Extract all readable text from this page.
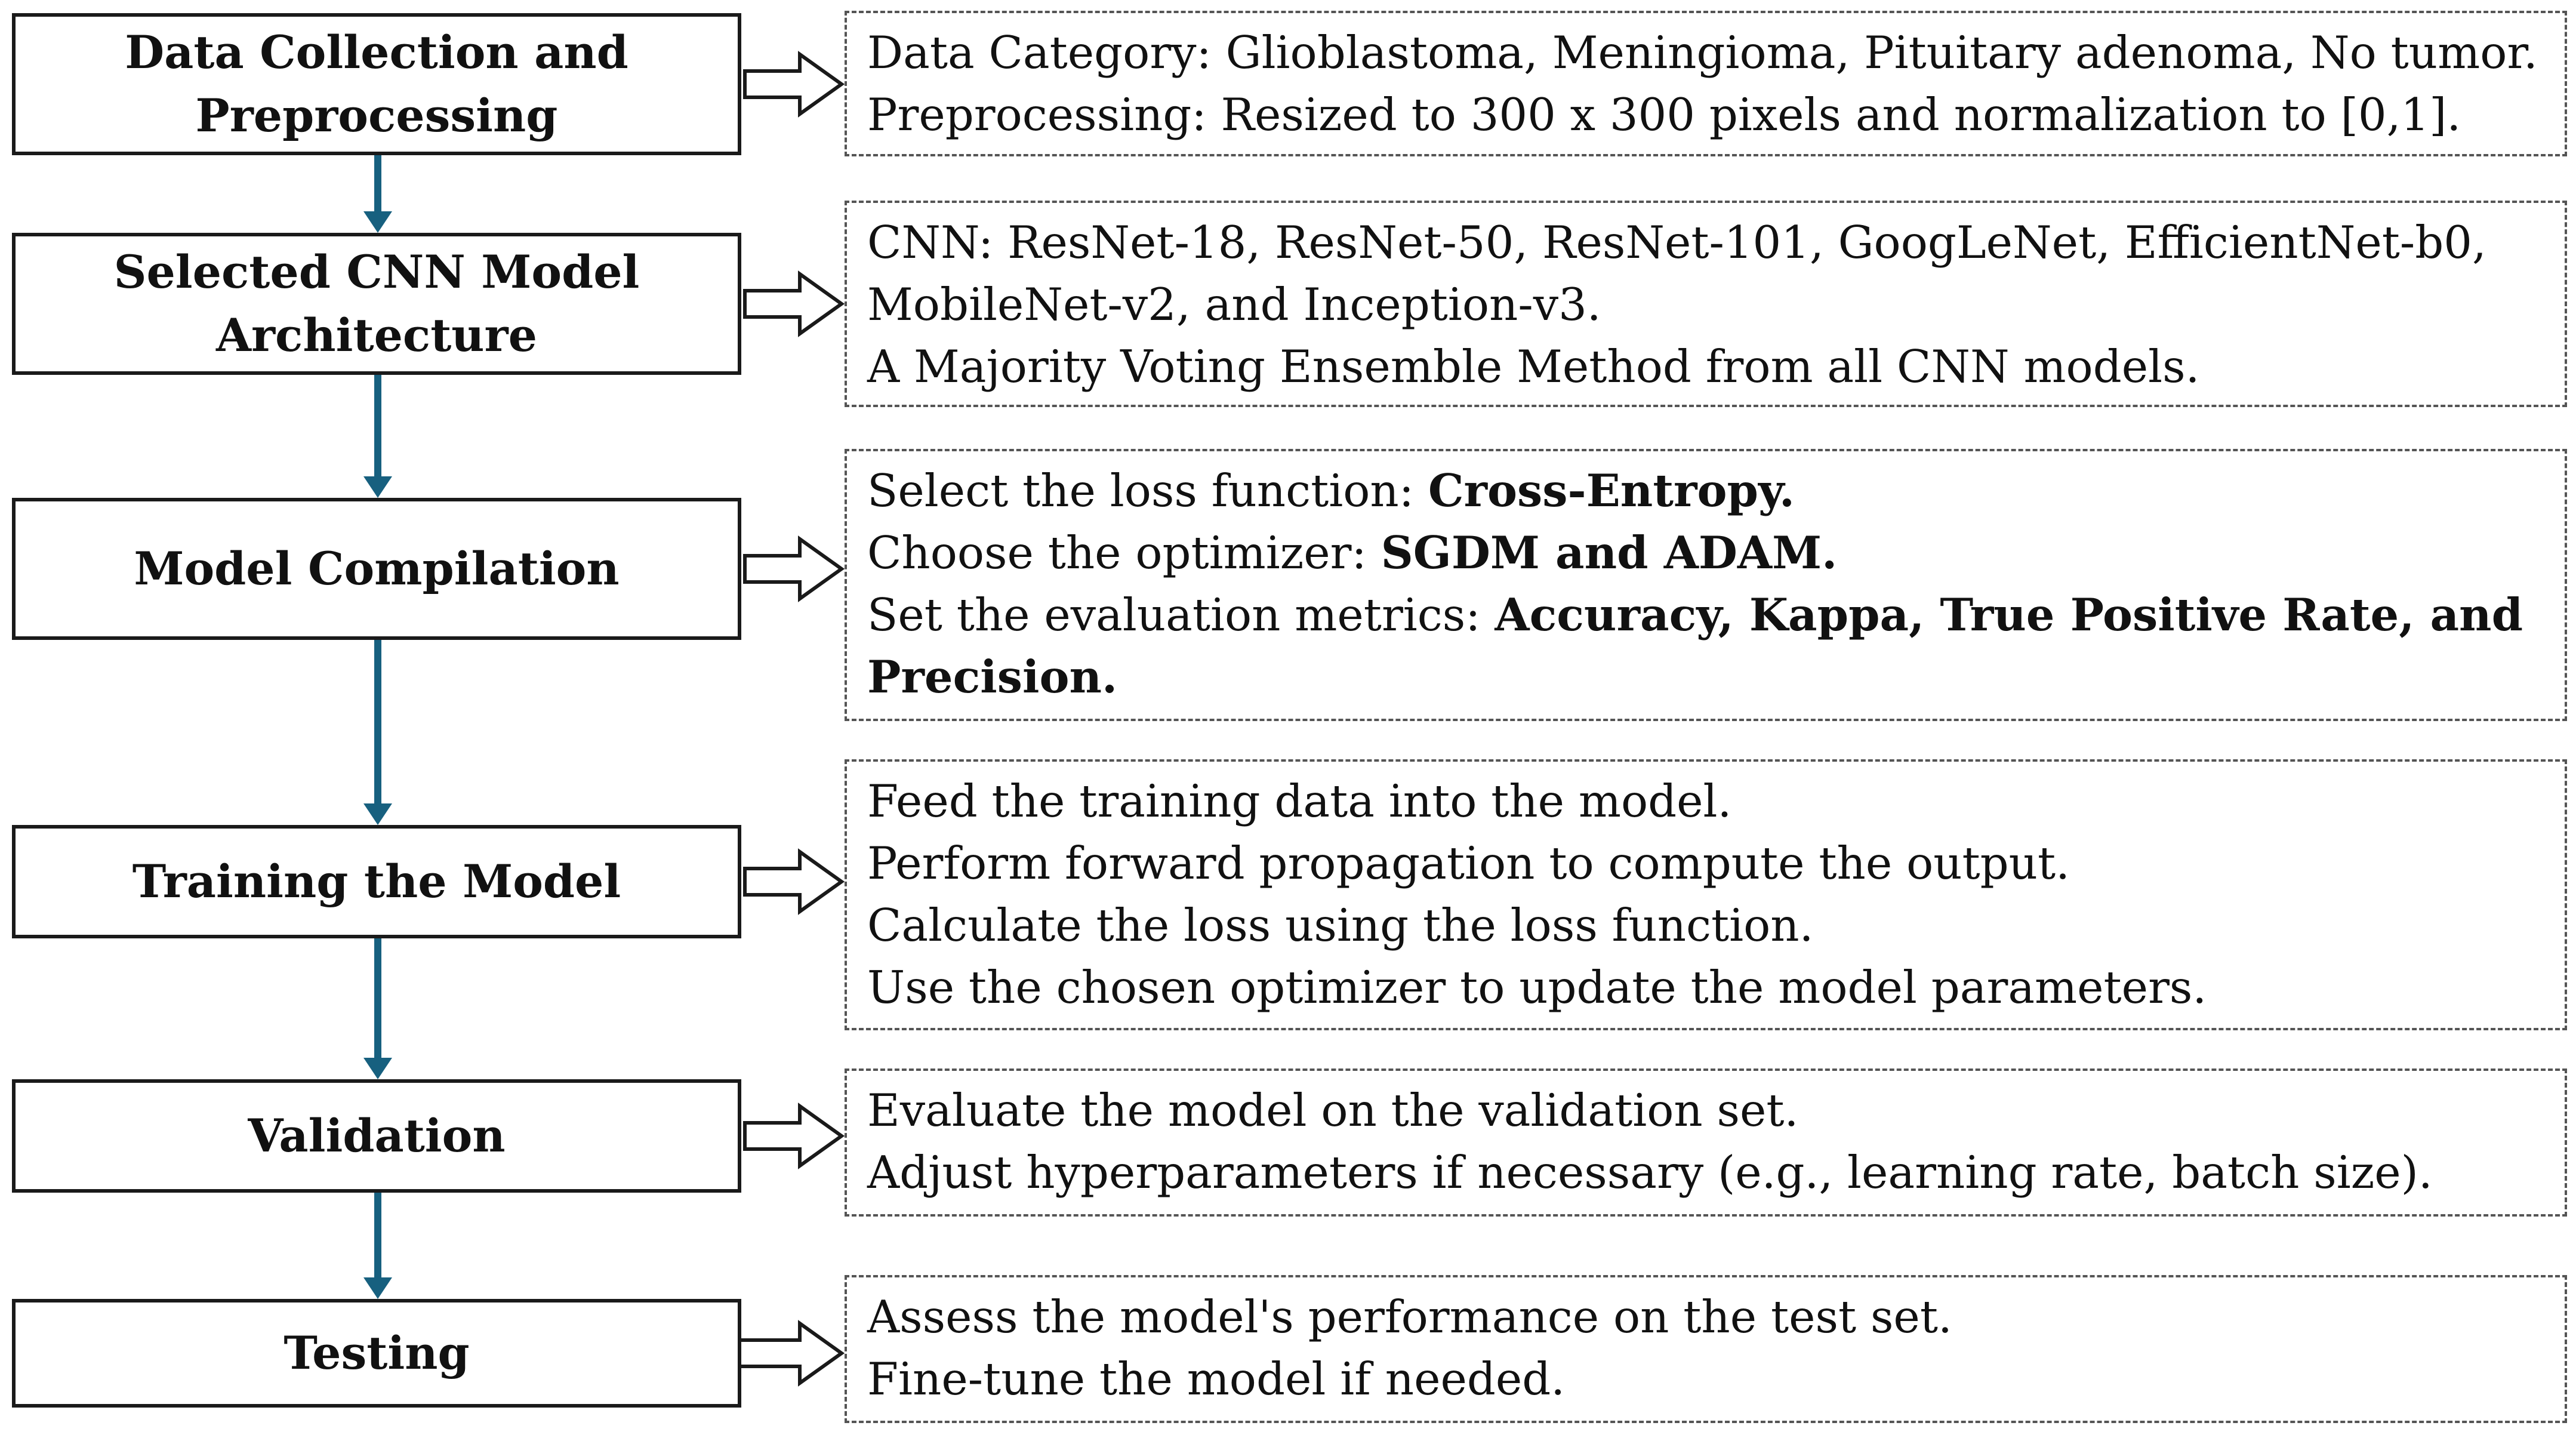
Data Collection and
Preprocessing
Data Category: Glioblastoma, Meningioma, Pituitary adenoma, No tumor.
Preprocessing: Resized to 300 x 300 pixels and normalization to [0,1].
Selected CNN Model
Architecture
CNN: ResNet-18, ResNet-50, ResNet-101, GoogLeNet, EfficientNet-b0,
MobileNet-v2, and Inception-v3.
A Majority Voting Ensemble Method from all CNN models.
Model Compilation
Select the loss function: Cross-Entropy.
Choose the optimizer: SGDM and ADAM.
Set the evaluation metrics: Accuracy, Kappa, True Positive Rate, and
Precision.
Training the Model
Feed the training data into the model.
Perform forward propagation to compute the output.
Calculate the loss using the loss function.
Use the chosen optimizer to update the model parameters.
Validation	Evaluate the model on the validation set.
Adjust hyperparameters if necessary (e.g., learning rate, batch size).
Testing
Assess the model's performance on the test set.
Fine-tune the model if needed.
